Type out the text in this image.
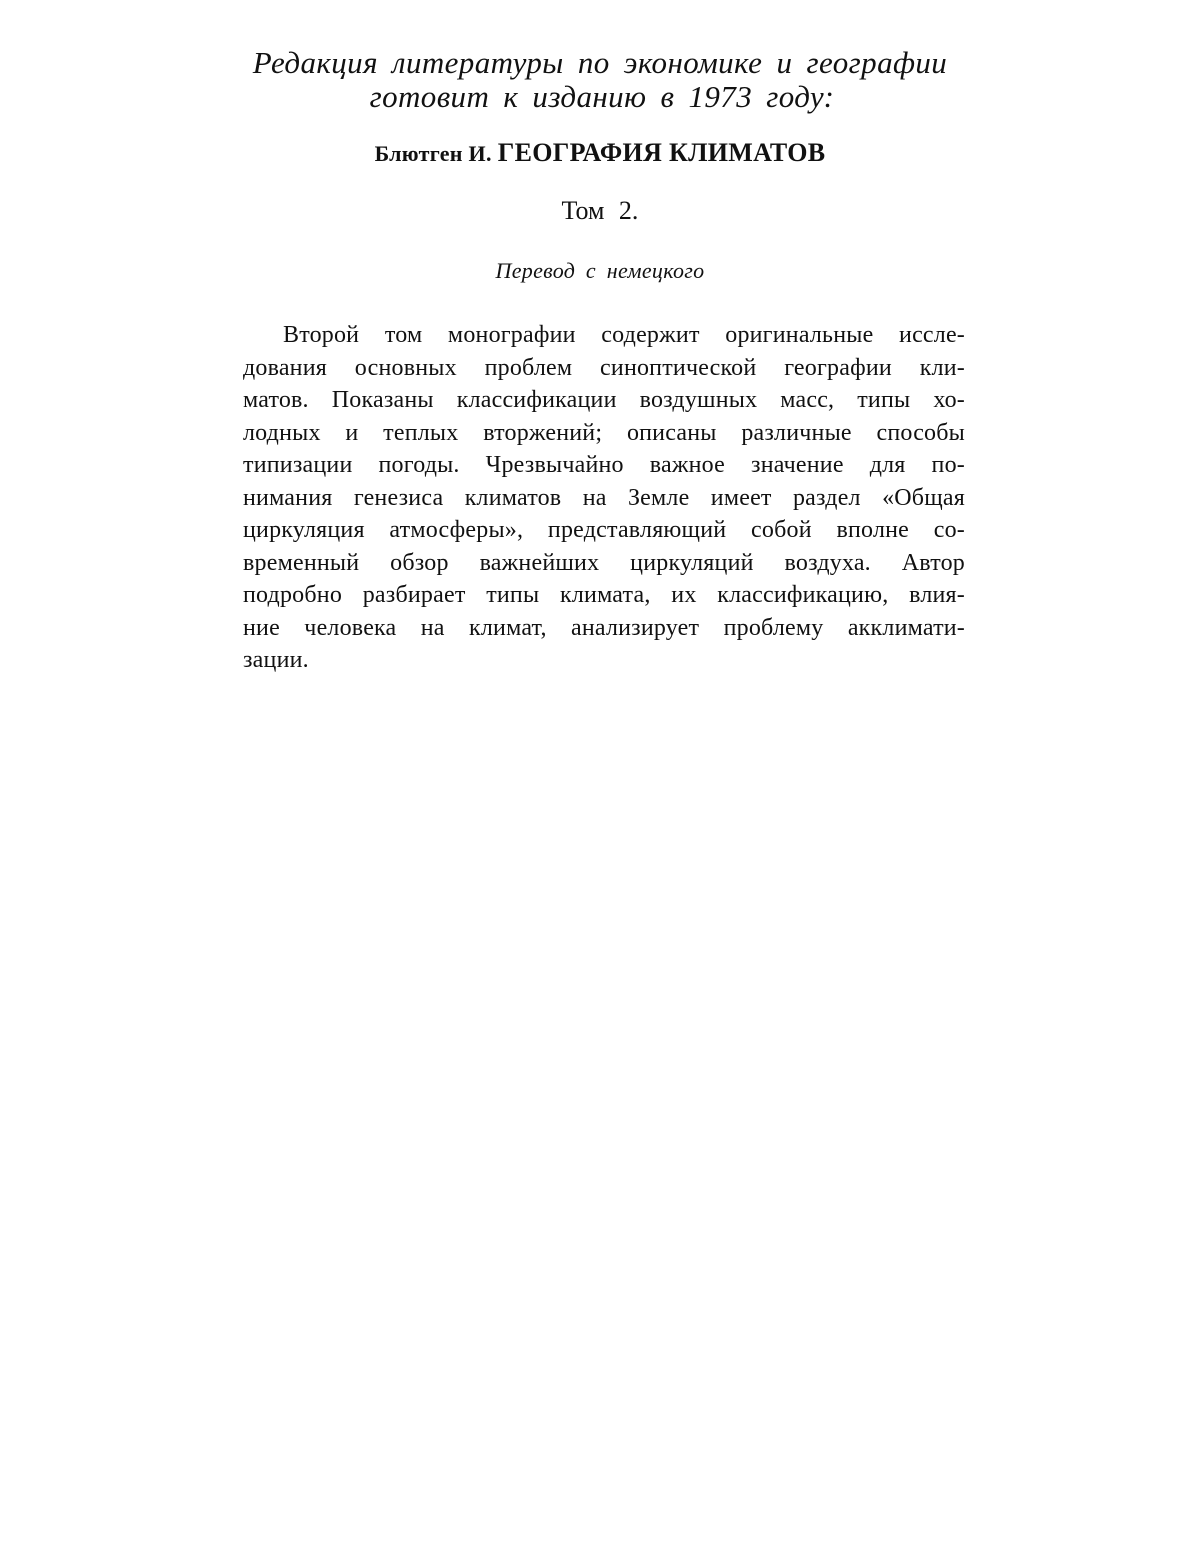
Редакция литературы по экономике и географии
готовит к изданию в 1973 году:
Блютген И. ГЕОГРАФИЯ КЛИМАТОВ
Том 2.
Перевод с немецкого
Второй том монографии содержит оригинальные иссле-
дования основных проблем синоптической географии кли-
матов. Показаны классификации воздушных масс, типы хо-
лодных и теплых вторжений; описаны различные способы
типизации погоды. Чрезвычайно важное значение для по-
нимания генезиса климатов на Земле имеет раздел «Общая
циркуляция атмосферы», представляющий собой вполне со-
временный обзор важнейших циркуляций воздуха. Автор
подробно разбирает типы климата, их классификацию, влия-
ние человека на климат, анализирует проблему акклимати-
зации.
